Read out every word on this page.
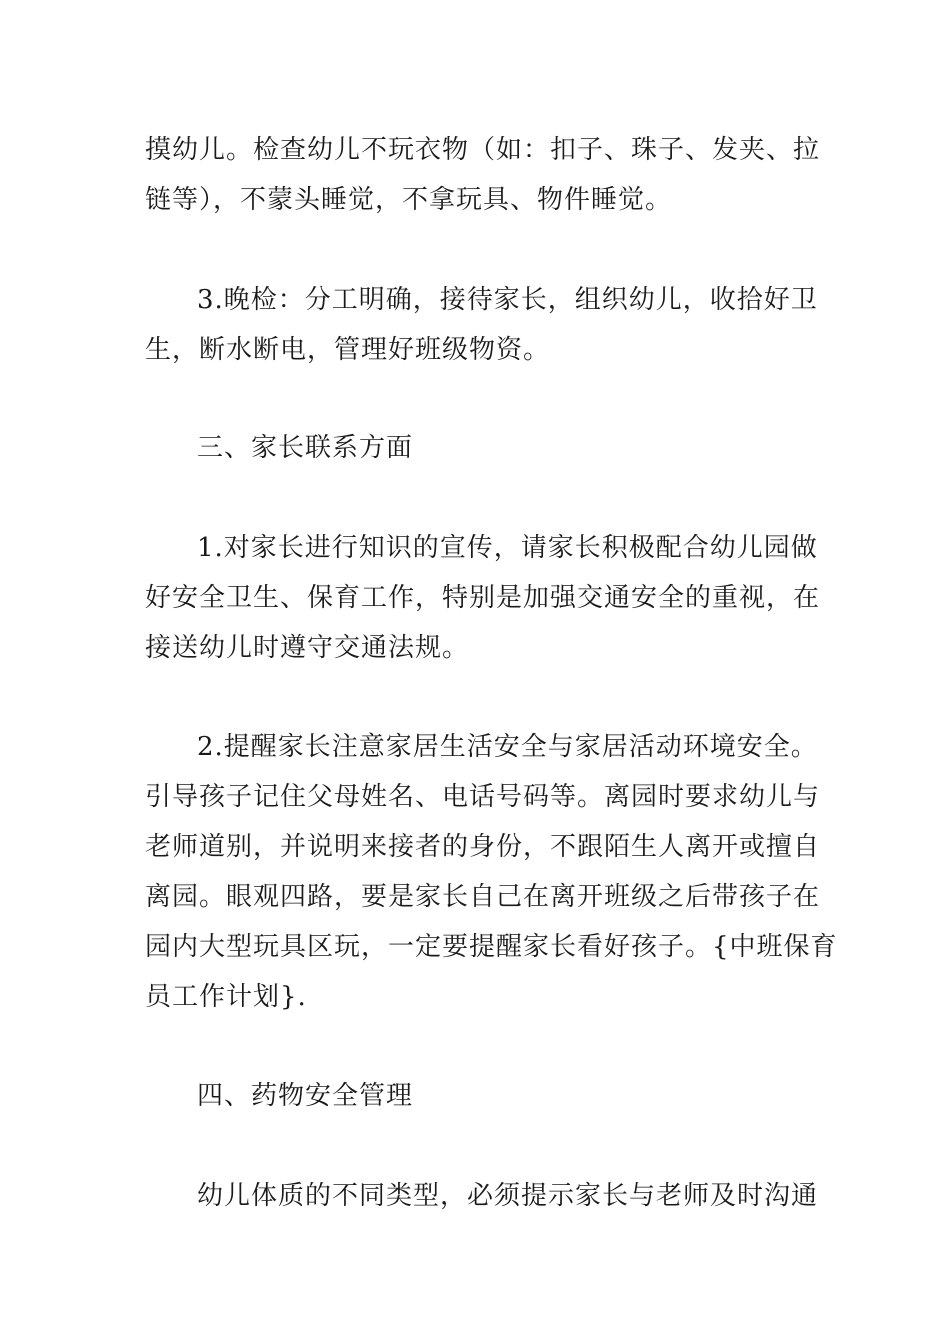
摸幼儿。检查幼儿不玩衣物（如：扣子、珠子、发夹、拉
链等），不蒙头睡觉，不拿玩具、物件睡觉。
3.晚检：分工明确，接待家长，组织幼儿，收拾好卫
生，断水断电，管理好班级物资。
三、家长联系方面
1.对家长进行知识的宣传，请家长积极配合幼儿园做
好安全卫生、保育工作，特别是加强交通安全的重视，在
接送幼儿时遵守交通法规。
2.提醒家长注意家居生活安全与家居活动环境安全。
引导孩子记住父母姓名、电话号码等。离园时要求幼儿与
老师道别，并说明来接者的身份，不跟陌生人离开或擅自
离园。眼观四路，要是家长自己在离开班级之后带孩子在
园内大型玩具区玩，一定要提醒家长看好孩子。{中班保育
员工作计划}.
四、药物安全管理
幼儿体质的不同类型，必须提示家长与老师及时沟通
